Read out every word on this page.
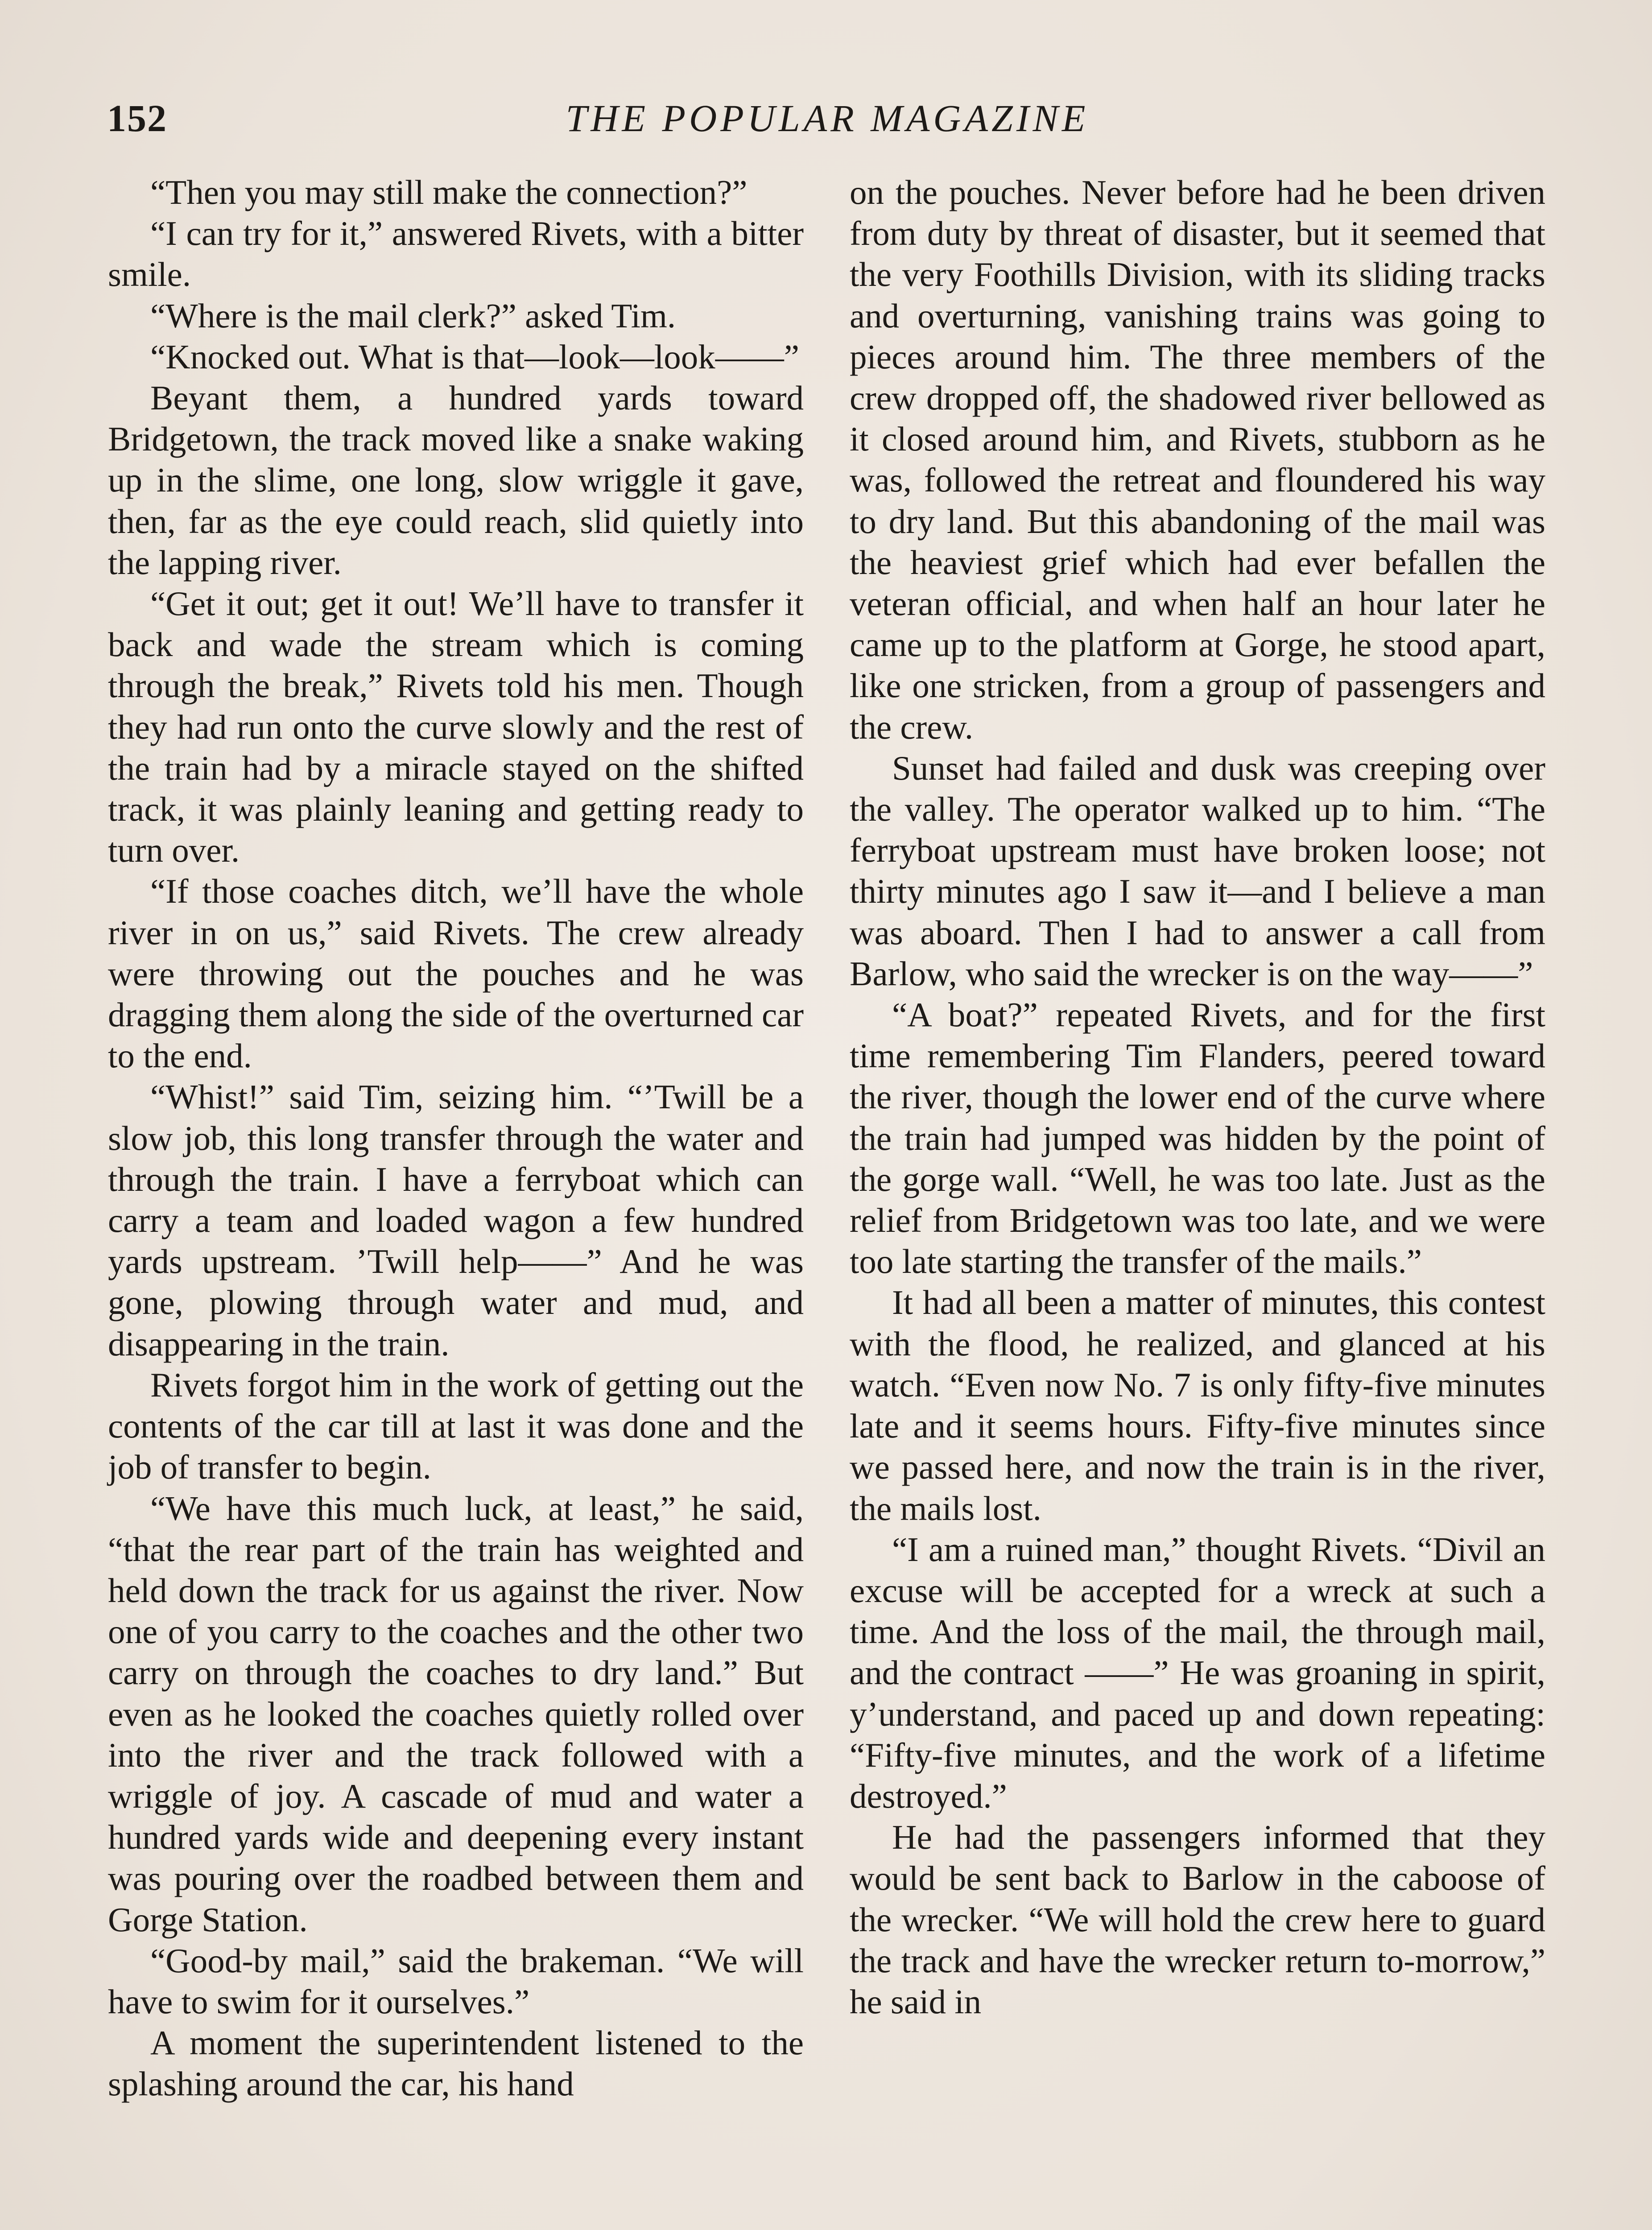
152	THE POPULAR MAGAZINE

“Then you may still make the connection?”

“I can try for it,” answered Rivets, with a bitter smile.

“Where is the mail clerk?” asked Tim.

“Knocked out. What is that—look—look——”

Beyant them, a hundred yards toward Bridgetown, the track moved like a snake waking up in the slime, one long, slow wriggle it gave, then, far as the eye could reach, slid quietly into the lapping river.

“Get it out; get it out! We’ll have to transfer it back and wade the stream which is coming through the break,” Rivets told his men. Though they had run onto the curve slowly and the rest of the train had by a miracle stayed on the shifted track, it was plainly leaning and getting ready to turn over.

“If those coaches ditch, we’ll have the whole river in on us,” said Rivets. The crew already were throwing out the pouches and he was dragging them along the side of the overturned car to the end.

“Whist!” said Tim, seizing him. “’Twill be a slow job, this long transfer through the water and through the train. I have a ferryboat which can carry a team and loaded wagon a few hundred yards upstream. ’Twill help——” And he was gone, plowing through water and mud, and disappearing in the train.

Rivets forgot him in the work of getting out the contents of the car till at last it was done and the job of transfer to begin.

“We have this much luck, at least,” he said, “that the rear part of the train has weighted and held down the track for us against the river. Now one of you carry to the coaches and the other two carry on through the coaches to dry land.” But even as he looked the coaches quietly rolled over into the river and the track followed with a wriggle of joy. A cascade of mud and water a hundred yards wide and deepening every instant was pouring over the roadbed between them and Gorge Station.

“Good-by mail,” said the brakeman. “We will have to swim for it ourselves.”

A moment the superintendent listened to the splashing around the car, his hand

on the pouches. Never before had he been driven from duty by threat of disaster, but it seemed that the very Foothills Division, with its sliding tracks and overturning, vanishing trains was going to pieces around him. The three members of the crew dropped off, the shadowed river bellowed as it closed around him, and Rivets, stubborn as he was, followed the retreat and floundered his way to dry land. But this abandoning of the mail was the heaviest grief which had ever befallen the veteran official, and when half an hour later he came up to the platform at Gorge, he stood apart, like one stricken, from a group of passengers and the crew.

Sunset had failed and dusk was creeping over the valley. The operator walked up to him. “The ferryboat upstream must have broken loose; not thirty minutes ago I saw it—and I believe a man was aboard. Then I had to answer a call from Barlow, who said the wrecker is on the way——”

“A boat?” repeated Rivets, and for the first time remembering Tim Flanders, peered toward the river, though the lower end of the curve where the train had jumped was hidden by the point of the gorge wall. “Well, he was too late. Just as the relief from Bridgetown was too late, and we were too late starting the transfer of the mails.”

It had all been a matter of minutes, this contest with the flood, he realized, and glanced at his watch. “Even now No. 7 is only fifty-five minutes late and it seems hours. Fifty-five minutes since we passed here, and now the train is in the river, the mails lost.

“I am a ruined man,” thought Rivets. “Divil an excuse will be accepted for a wreck at such a time. And the loss of the mail, the through mail, and the contract ——” He was groaning in spirit, y’understand, and paced up and down repeating: “Fifty-five minutes, and the work of a lifetime destroyed.”

He had the passengers informed that they would be sent back to Barlow in the caboose of the wrecker. “We will hold the crew here to guard the track and have the wrecker return to-morrow,” he said in
